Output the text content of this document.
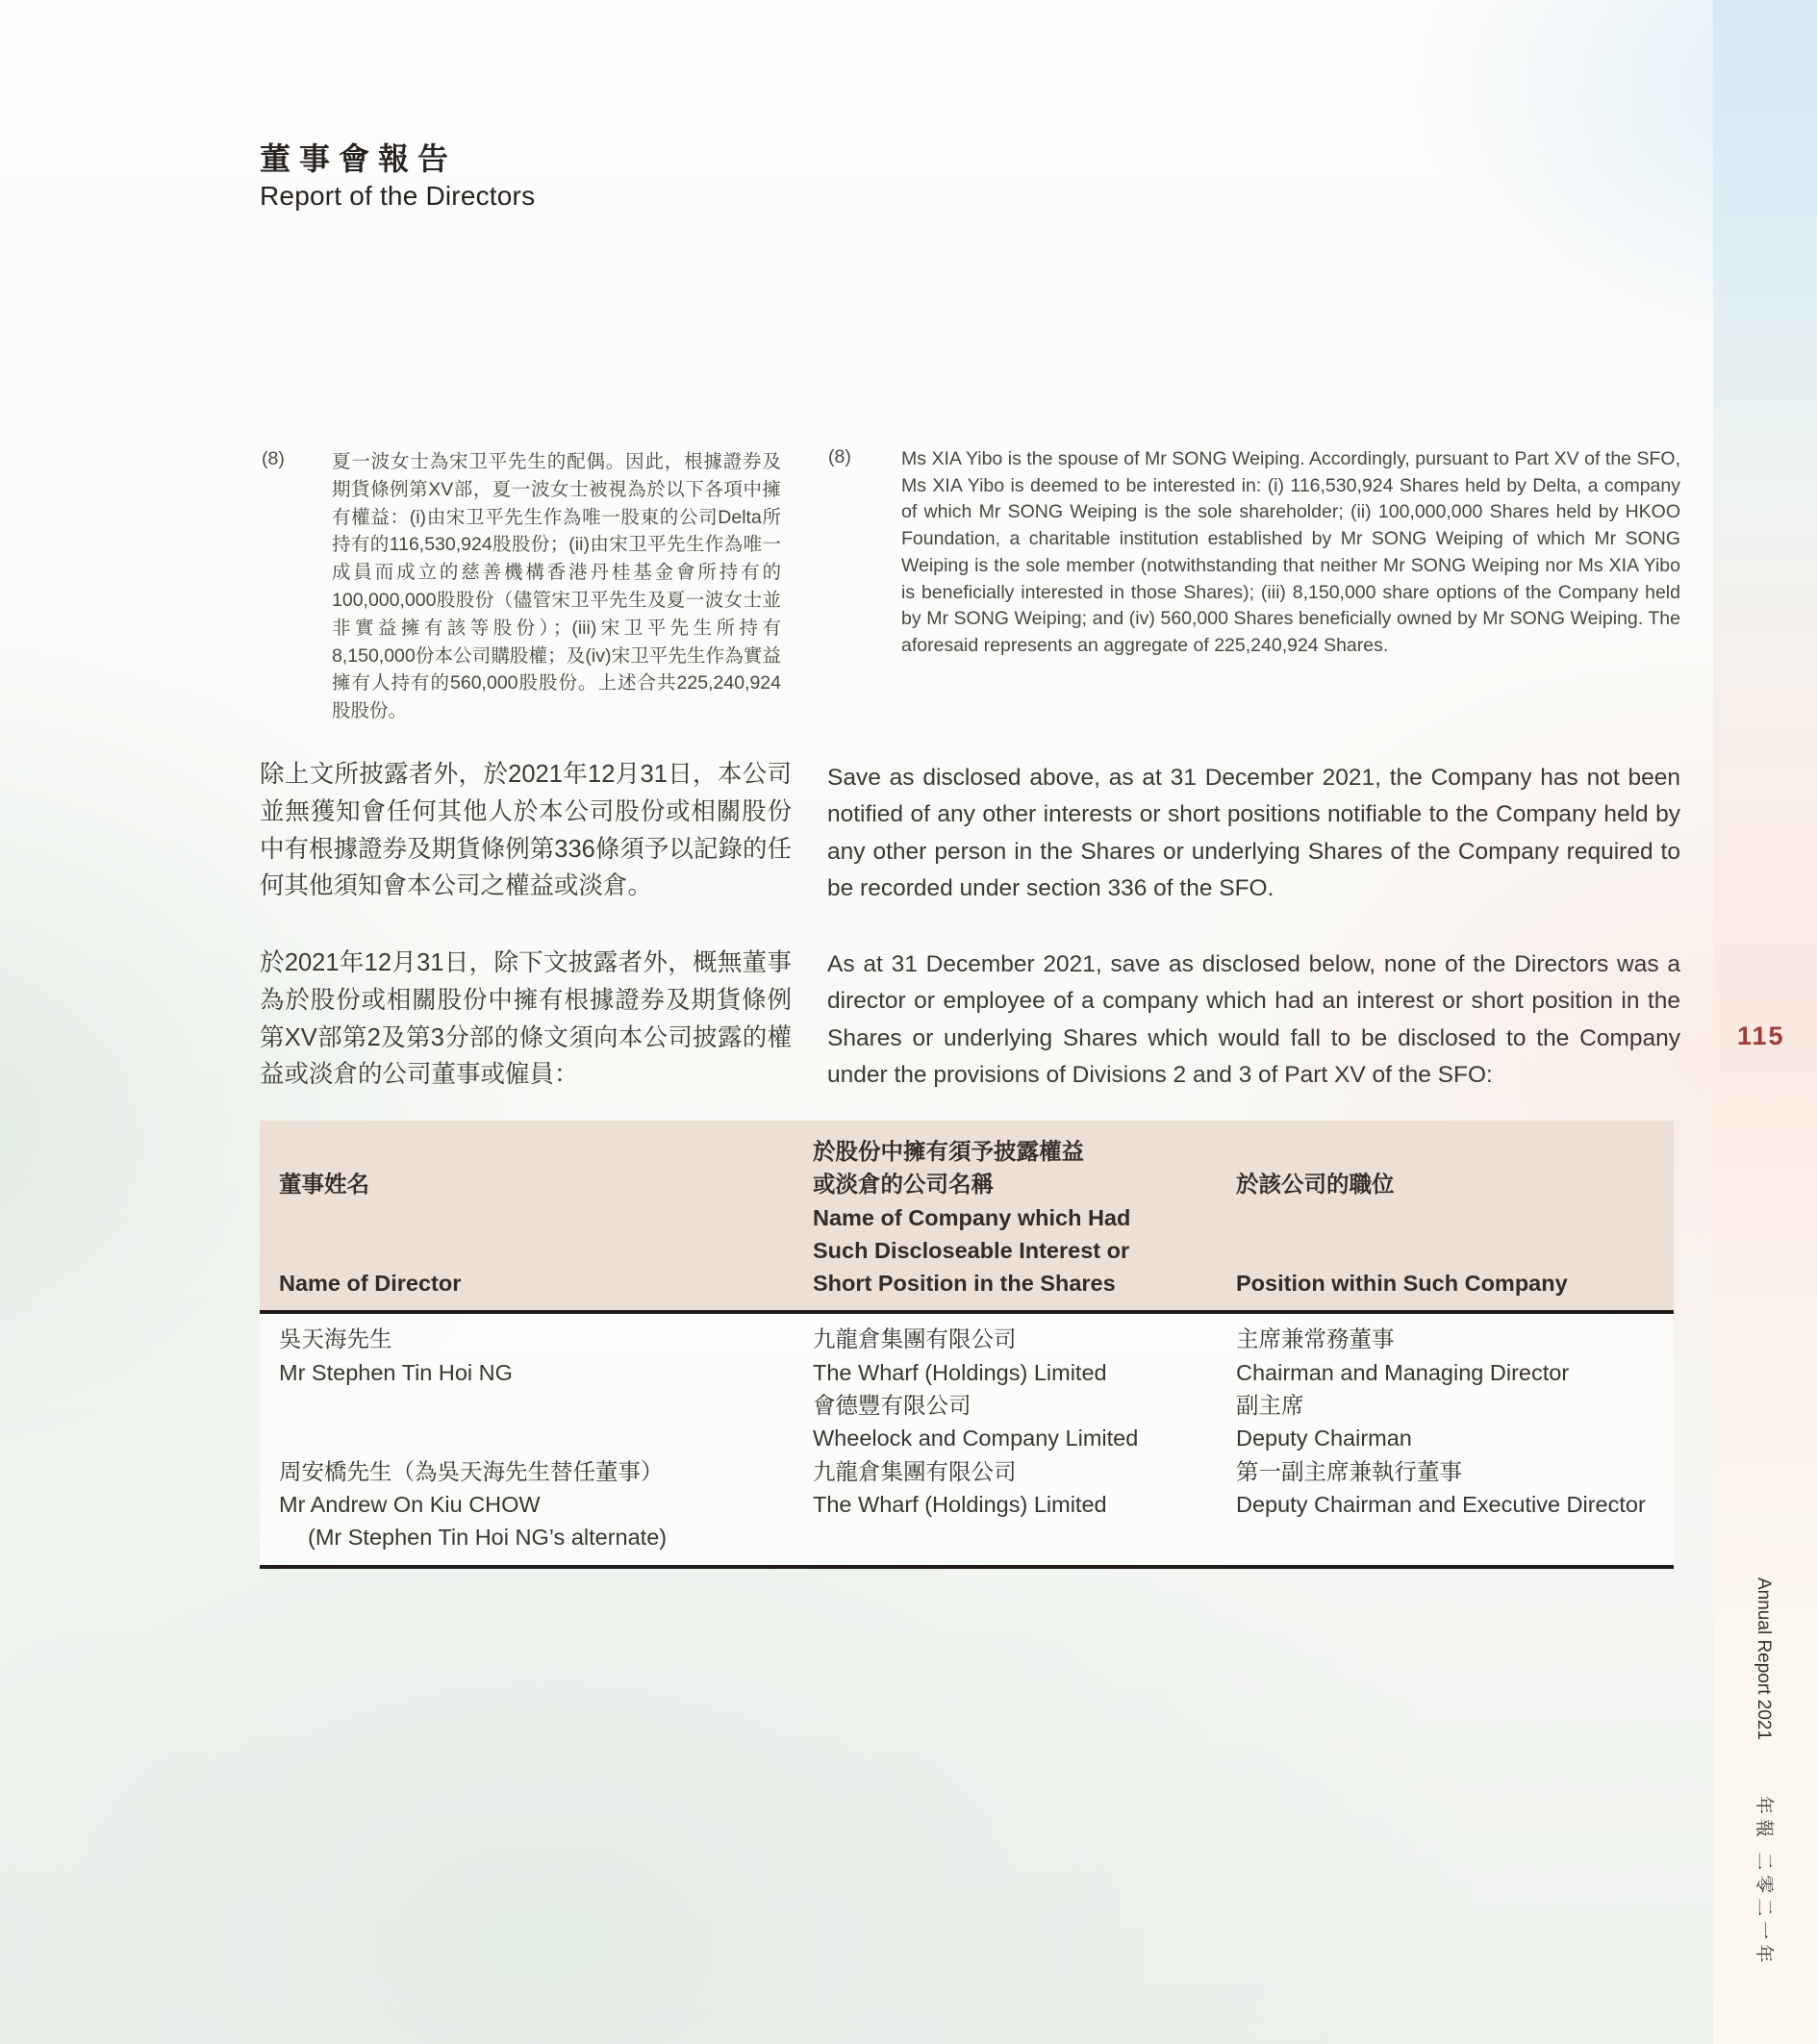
董事會報告
Report of the Directors
(8)	夏一波女士為宋卫平先生的配偶。因此，根據證券及期貨條例第XV部，夏一波女士被視為於以下各項中擁有權益：(i)由宋卫平先生作為唯一股東的公司Delta所持有的116,530,924股股份；(ii)由宋卫平先生作為唯一成員而成立的慈善機構香港丹桂基金會所持有的100,000,000股股份（儘管宋卫平先生及夏一波女士並非實益擁有該等股份）；(iii)宋卫平先生所持有8,150,000份本公司購股權；及(iv)宋卫平先生作為實益擁有人持有的560,000股股份。上述合共225,240,924股股份。
(8)	Ms XIA Yibo is the spouse of Mr SONG Weiping. Accordingly, pursuant to Part XV of the SFO, Ms XIA Yibo is deemed to be interested in: (i) 116,530,924 Shares held by Delta, a company of which Mr SONG Weiping is the sole shareholder; (ii) 100,000,000 Shares held by HKOO Foundation, a charitable institution established by Mr SONG Weiping of which Mr SONG Weiping is the sole member (notwithstanding that neither Mr SONG Weiping nor Ms XIA Yibo is beneficially interested in those Shares); (iii) 8,150,000 share options of the Company held by Mr SONG Weiping; and (iv) 560,000 Shares beneficially owned by Mr SONG Weiping. The aforesaid represents an aggregate of 225,240,924 Shares.
除上文所披露者外，於2021年12月31日，本公司並無獲知會任何其他人於本公司股份或相關股份中有根據證券及期貨條例第336條須予以記錄的任何其他須知會本公司之權益或淡倉。
Save as disclosed above, as at 31 December 2021, the Company has not been notified of any other interests or short positions notifiable to the Company held by any other person in the Shares or underlying Shares of the Company required to be recorded under section 336 of the SFO.
於2021年12月31日，除下文披露者外，概無董事為於股份或相關股份中擁有根據證券及期貨條例第XV部第2及第3分部的條文須向本公司披露的權益或淡倉的公司董事或僱員：
As at 31 December 2021, save as disclosed below, none of the Directors was a director or employee of a company which had an interest or short position in the Shares or underlying Shares which would fall to be disclosed to the Company under the provisions of Divisions 2 and 3 of Part XV of the SFO:
115
董事姓名
Name of Director
於股份中擁有須予披露權益
或淡倉的公司名稱
Name of Company which Had
Such Discloseable Interest or
Short Position in the Shares
於該公司的職位
Position within Such Company
吳天海先生
Mr Stephen Tin Hoi NG
九龍倉集團有限公司
The Wharf (Holdings) Limited
會德豐有限公司
Wheelock and Company Limited
主席兼常務董事
Chairman and Managing Director
副主席
Deputy Chairman
周安橋先生（為吳天海先生替任董事）
Mr Andrew On Kiu CHOW
(Mr Stephen Tin Hoi NG’s alternate)
九龍倉集團有限公司
The Wharf (Holdings) Limited
第一副主席兼執行董事
Deputy Chairman and Executive Director
Annual Report 2021年報 二零二一年
